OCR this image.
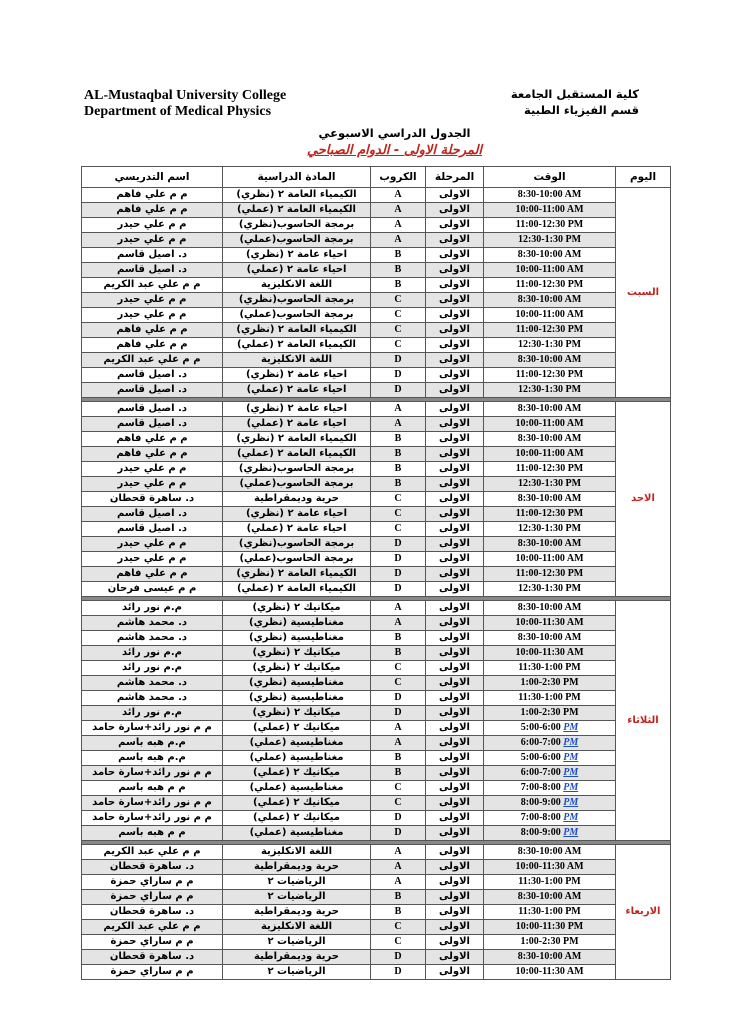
AL-Mustaqbal University College
Department of Medical Physics
كلية المستقبل الجامعة
قسم الفيزياء الطبية
الجدول الدراسي الاسبوعي
المرحلة الاولى - الدوام الصباحي
اسم التدريسي	المادة الدراسية	الكروب	المرحلة	الوقت	اليوم
م م علي فاهم	الكيمياء العامة ٢ (نظري)	A	الاولى	8:30-10:00 AM	السبت
م م علي فاهم	الكيمياء العامة ٢ (عملي)	A	الاولى	10:00-11:00 AM	
م م علي حيدر	برمجة الحاسوب(نظري)	A	الاولى	11:00-12:30 PM	
م م علي حيدر	برمجة الحاسوب(عملي)	A	الاولى	12:30-1:30 PM	
د. اصيل قاسم	احياء عامة ٢ (نظري)	B	الاولى	8:30-10:00 AM	
د. اصيل قاسم	احياء عامة ٢ (عملي)	B	الاولى	10:00-11:00 AM	
م م علي عبد الكريم	اللغة الانكليزية	B	الاولى	11:00-12:30 PM	
م م علي حيدر	برمجة الحاسوب(نظري)	C	الاولى	8:30-10:00 AM	
م م علي حيدر	برمجة الحاسوب(عملي)	C	الاولى	10:00-11:00 AM	
م م علي فاهم	الكيمياء العامة ٢ (نظري)	C	الاولى	11:00-12:30 PM	
م م علي فاهم	الكيمياء العامة ٢ (عملي)	C	الاولى	12:30-1:30 PM	
م م علي عبد الكريم	اللغة الانكليزية	D	الاولى	8:30-10:00 AM	
د. اصيل قاسم	احياء عامة ٢ (نظري)	D	الاولى	11:00-12:30 PM	
د. اصيل قاسم	احياء عامة ٢ (عملي)	D	الاولى	12:30-1:30 PM	

د. اصيل قاسم	احياء عامة ٢ (نظري)	A	الاولى	8:30-10:00 AM	الاحد
د. اصيل قاسم	احياء عامة ٢ (عملي)	A	الاولى	10:00-11:00 AM	
م م علي فاهم	الكيمياء العامة ٢ (نظري)	B	الاولى	8:30-10:00 AM	
م م علي فاهم	الكيمياء العامة ٢ (عملي)	B	الاولى	10:00-11:00 AM	
م م علي حيدر	برمجة الحاسوب(نظري)	B	الاولى	11:00-12:30 PM	
م م علي حيدر	برمجة الحاسوب(عملي)	B	الاولى	12:30-1:30 PM	
د. ساهرة قحطان	حرية وديمقراطية	C	الاولى	8:30-10:00 AM	
د. اصيل قاسم	احياء عامة ٢ (نظري)	C	الاولى	11:00-12:30 PM	
د. اصيل قاسم	احياء عامة ٢ (عملي)	C	الاولى	12:30-1:30 PM	
م م علي حيدر	برمجة الحاسوب(نظري)	D	الاولى	8:30-10:00 AM	
م م علي حيدر	برمجة الحاسوب(عملي)	D	الاولى	10:00-11:00 AM	
م م علي فاهم	الكيمياء العامة ٢ (نظري)	D	الاولى	11:00-12:30 PM	
م م عيسى فرحان	الكيمياء العامة ٢ (عملي)	D	الاولى	12:30-1:30 PM	

م.م نور رائد	ميكانيك ٢ (نظري)	A	الاولى	8:30-10:00 AM	الثلاثاء
د. محمد هاشم	مغناطيسية (نظري)	A	الاولى	10:00-11:30 AM	
د. محمد هاشم	مغناطيسية (نظري)	B	الاولى	8:30-10:00 AM	
م.م نور رائد	ميكانيك ٢ (نظري)	B	الاولى	10:00-11:30 AM	
م.م نور رائد	ميكانيك ٢ (نظري)	C	الاولى	11:30-1:00 PM	
د. محمد هاشم	مغناطيسية (نظري)	C	الاولى	1:00-2:30 PM	
د. محمد هاشم	مغناطيسية (نظري)	D	الاولى	11:30-1:00 PM	
م.م نور رائد	ميكانيك ٢ (نظري)	D	الاولى	1:00-2:30 PM	
م م نور رائد+سارة حامد	ميكانيك ٢ (عملي)	A	الاولى	5:00-6:00 PM	
م.م هبه باسم	مغناطيسية (عملي)	A	الاولى	6:00-7:00 PM	
م.م هبه باسم	مغناطيسية (عملي)	B	الاولى	5:00-6:00 PM	
م م نور رائد+سارة حامد	ميكانيك ٢ (عملي)	B	الاولى	6:00-7:00 PM	
م م هبه باسم	مغناطيسية (عملي)	C	الاولى	7:00-8:00 PM	
م م نور رائد+سارة حامد	ميكانيك ٢ (عملي)	C	الاولى	8:00-9:00 PM	
م م نور رائد+سارة حامد	ميكانيك ٢ (عملي)	D	الاولى	7:00-8:00 PM	
م م هبه باسم	مغناطيسية (عملي)	D	الاولى	8:00-9:00 PM	

م م علي عبد الكريم	اللغة الانكليزية	A	الاولى	8:30-10:00 AM	الاربعاء
د. ساهرة قحطان	حرية وديمقراطية	A	الاولى	10:00-11:30 AM	
م م ساراي حمزة	الرياضيات ٢	A	الاولى	11:30-1:00 PM	
م م ساراي حمزة	الرياضيات ٢	B	الاولى	8:30-10:00 AM	
د. ساهرة قحطان	حرية وديمقراطية	B	الاولى	11:30-1:00 PM	
م م علي عبد الكريم	اللغة الانكليزية	C	الاولى	10:00-11:30 PM	
م م ساراي حمزة	الرياضيات ٢	C	الاولى	1:00-2:30 PM	
د. ساهرة قحطان	حرية وديمقراطية	D	الاولى	8:30-10:00 AM	
م م ساراي حمزة	الرياضيات ٢	D	الاولى	10:00-11:30 AM	
